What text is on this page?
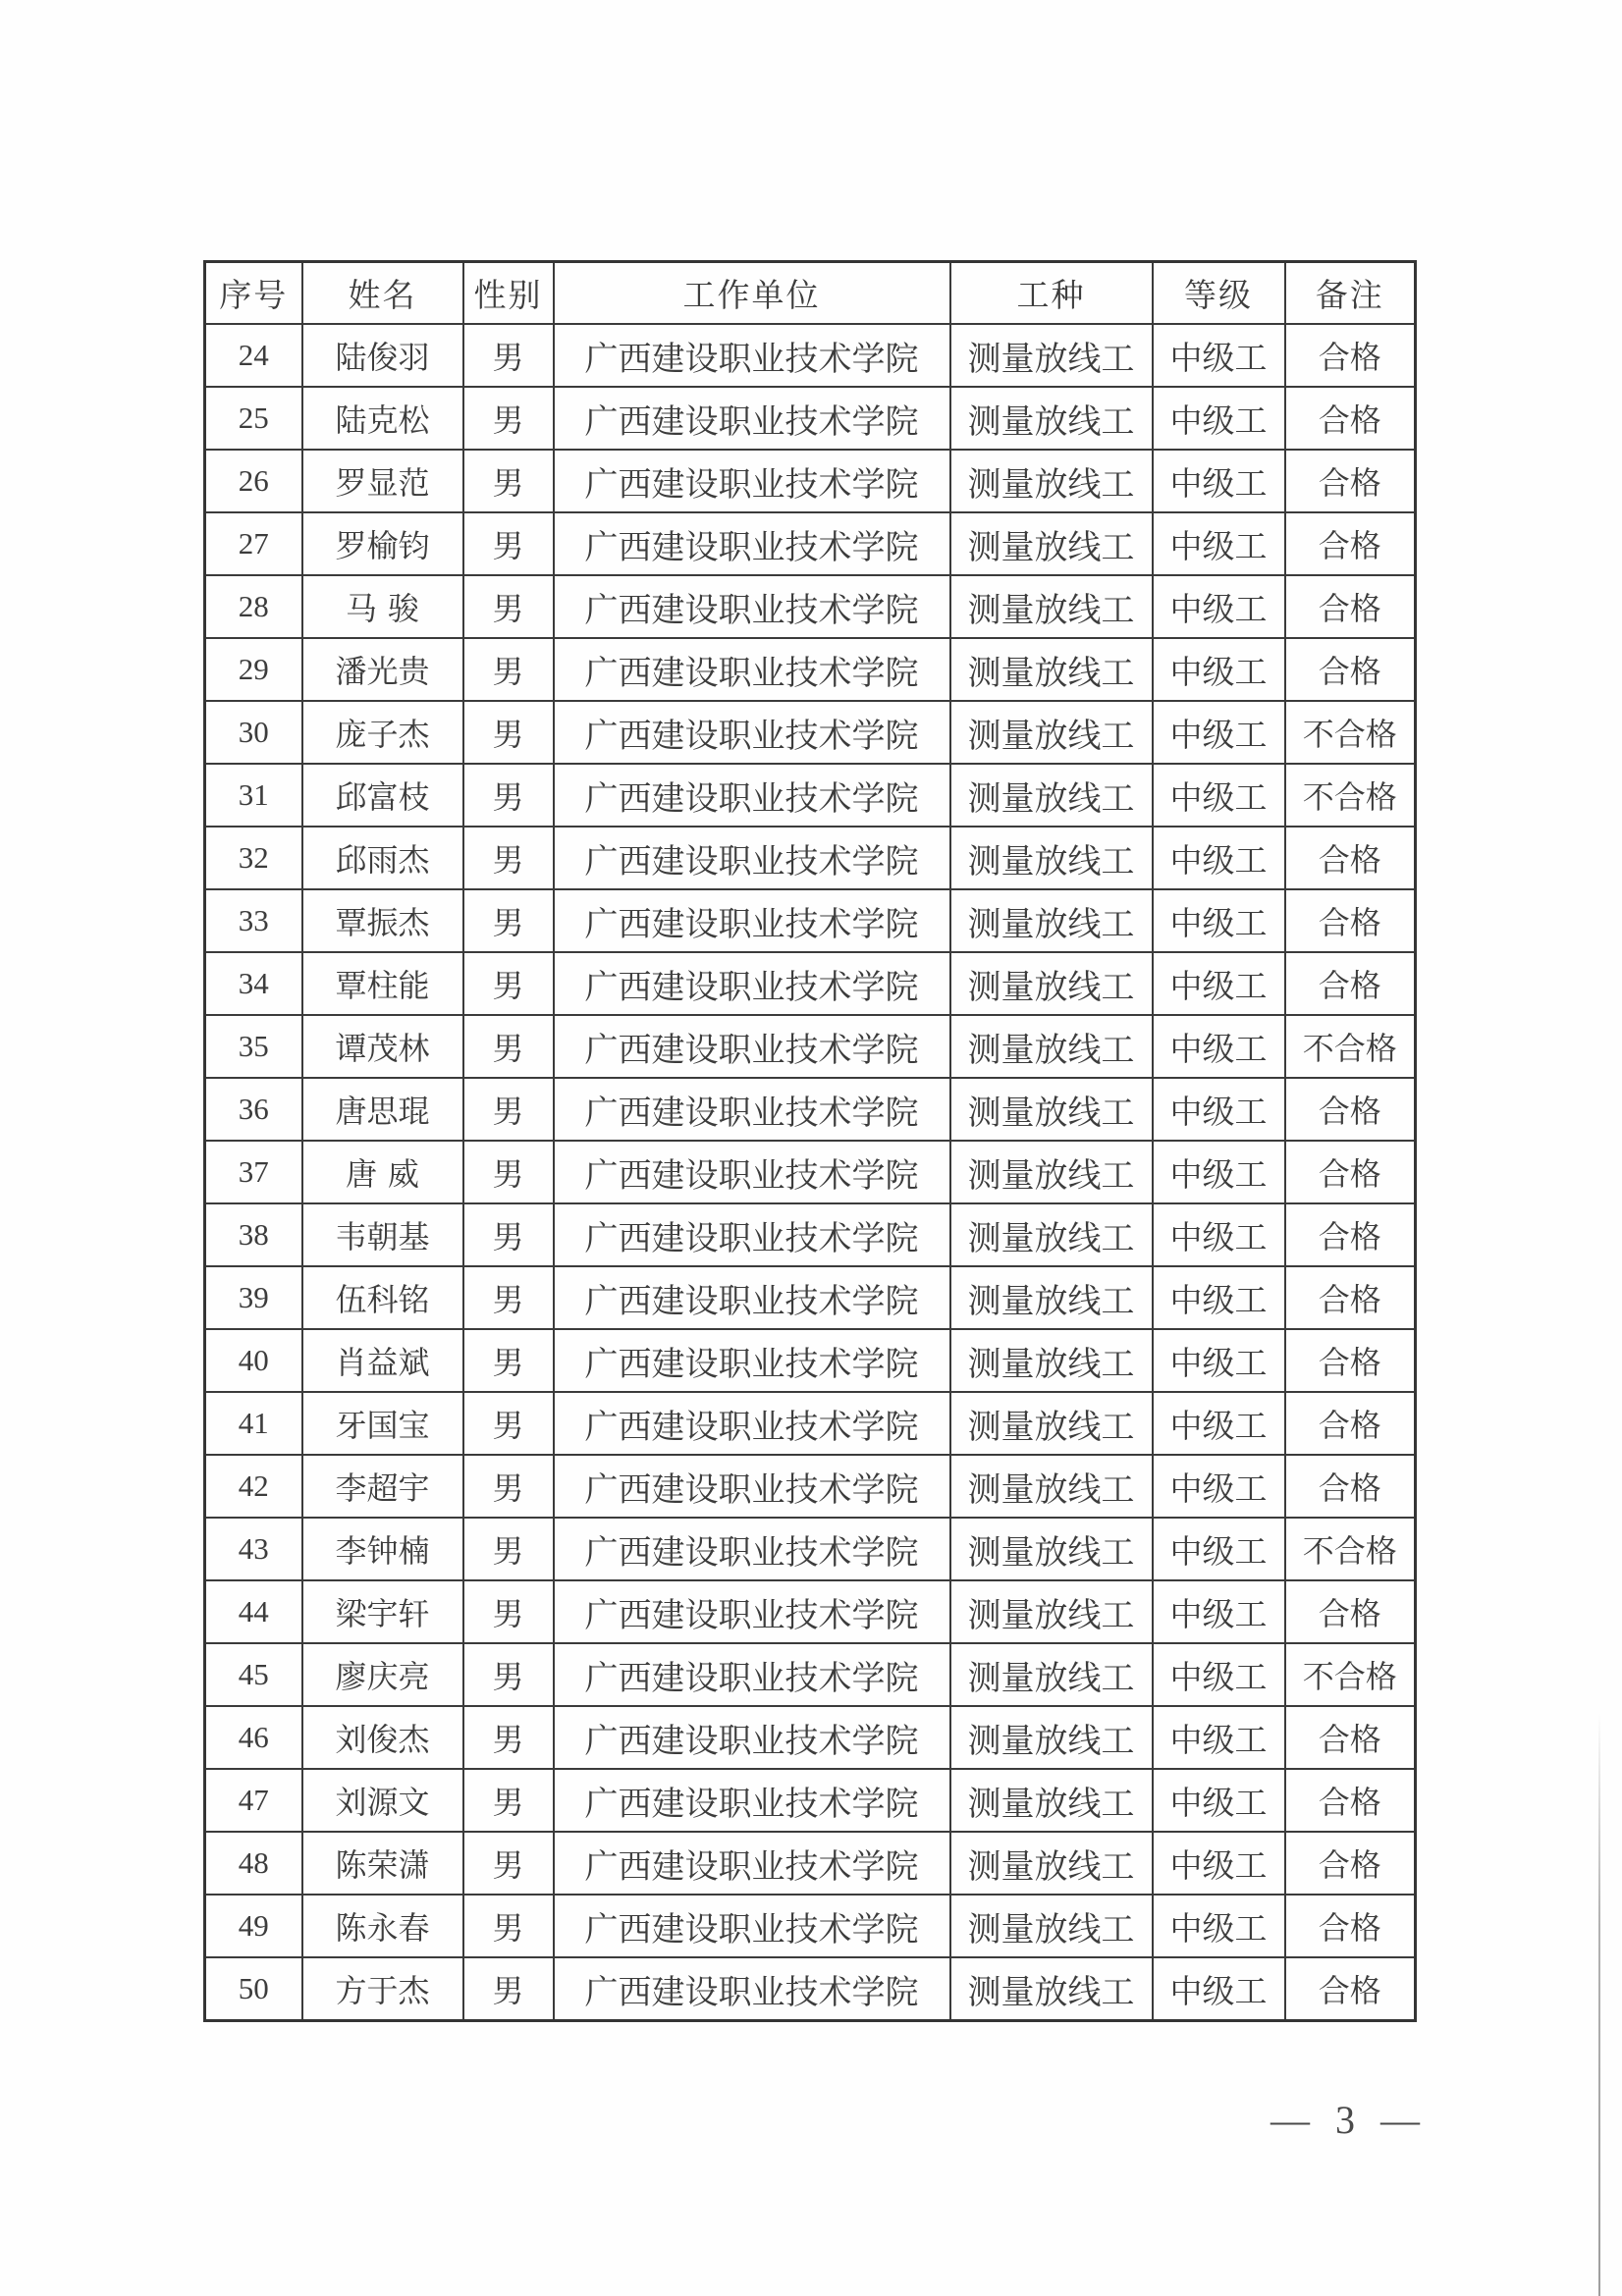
序号	姓名	性别	工作单位	工种	等级	备注
24	陆俊羽	男	广西建设职业技术学院	测量放线工	中级工	合格
25	陆克松	男	广西建设职业技术学院	测量放线工	中级工	合格
26	罗显范	男	广西建设职业技术学院	测量放线工	中级工	合格
27	罗榆钧	男	广西建设职业技术学院	测量放线工	中级工	合格
28	马骏	男	广西建设职业技术学院	测量放线工	中级工	合格
29	潘光贵	男	广西建设职业技术学院	测量放线工	中级工	合格
30	庞子杰	男	广西建设职业技术学院	测量放线工	中级工	不合格
31	邱富枝	男	广西建设职业技术学院	测量放线工	中级工	不合格
32	邱雨杰	男	广西建设职业技术学院	测量放线工	中级工	合格
33	覃振杰	男	广西建设职业技术学院	测量放线工	中级工	合格
34	覃柱能	男	广西建设职业技术学院	测量放线工	中级工	合格
35	谭茂林	男	广西建设职业技术学院	测量放线工	中级工	不合格
36	唐思琨	男	广西建设职业技术学院	测量放线工	中级工	合格
37	唐威	男	广西建设职业技术学院	测量放线工	中级工	合格
38	韦朝基	男	广西建设职业技术学院	测量放线工	中级工	合格
39	伍科铭	男	广西建设职业技术学院	测量放线工	中级工	合格
40	肖益斌	男	广西建设职业技术学院	测量放线工	中级工	合格
41	牙国宝	男	广西建设职业技术学院	测量放线工	中级工	合格
42	李超宇	男	广西建设职业技术学院	测量放线工	中级工	合格
43	李钟楠	男	广西建设职业技术学院	测量放线工	中级工	不合格
44	梁宇轩	男	广西建设职业技术学院	测量放线工	中级工	合格
45	廖庆亮	男	广西建设职业技术学院	测量放线工	中级工	不合格
46	刘俊杰	男	广西建设职业技术学院	测量放线工	中级工	合格
47	刘源文	男	广西建设职业技术学院	测量放线工	中级工	合格
48	陈荣潇	男	广西建设职业技术学院	测量放线工	中级工	合格
49	陈永春	男	广西建设职业技术学院	测量放线工	中级工	合格
50	方于杰	男	广西建设职业技术学院	测量放线工	中级工	合格
— 3 —
